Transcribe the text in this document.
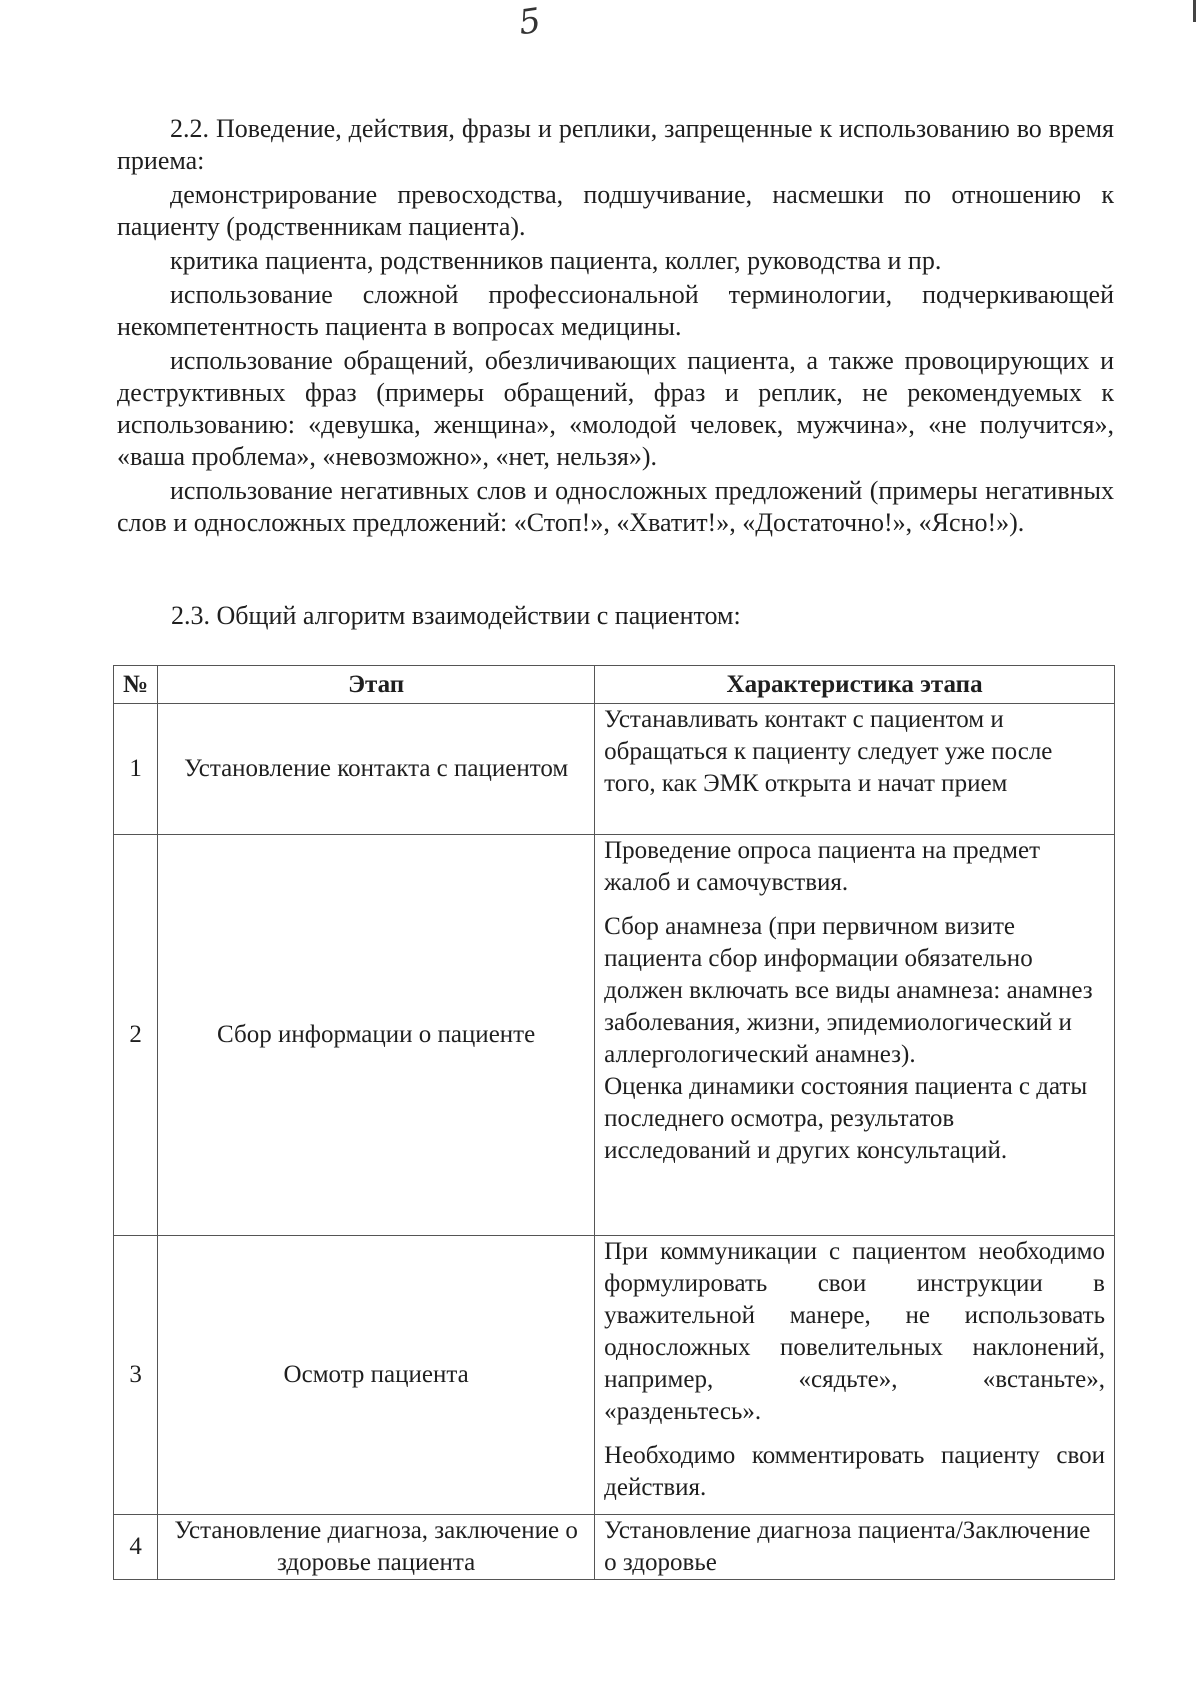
5

2.2. Поведение, действия, фразы и реплики, запрещенные к использованию во время приема:

демонстрирование превосходства, подшучивание, насмешки по отношению к пациенту (родственникам пациента).

критика пациента, родственников пациента, коллег, руководства и пр.

использование сложной профессиональной терминологии, подчеркивающей некомпетентность пациента в вопросах медицины.

использование обращений, обезличивающих пациента, а также провоцирующих и деструктивных фраз (примеры обращений, фраз и реплик, не рекомендуемых к использованию: «девушка, женщина», «молодой человек, мужчина», «не получится», «ваша проблема», «невозможно», «нет, нельзя»).

использование негативных слов и односложных предложений (примеры негативных слов и односложных предложений: «Стоп!», «Хватит!», «Достаточно!», «Ясно!»).

2.3. Общий алгоритм взаимодействии с пациентом:
№	Этап	Характеристика этапа
1	Установление контакта с пациентом	Устанавливать контакт с пациентом и обращаться к пациенту следует уже после того, как ЭМК открыта и начат прием

2	Сбор информации о пациенте	Проведение опроса пациента на предмет жалоб и самочувствия.

Сбор анамнеза (при первичном визите пациента сбор информации обязательно должен включать все виды анамнеза: анамнез заболевания, жизни, эпидемиологический и аллергологический анамнез).

Оценка динамики состояния пациента с даты последнего осмотра, результатов исследований и других консультаций.

3	Осмотр пациента	При коммуникации с пациентом необходимо формулировать свои инструкции в уважительной манере, не использовать односложных повелительных наклонений, например, «сядьте», «встаньте», «разденьтесь».

Необходимо комментировать пациенту свои действия.

4	Установление диагноза, заключение о здоровье пациента	Установление диагноза пациента/Заключение о здоровье
